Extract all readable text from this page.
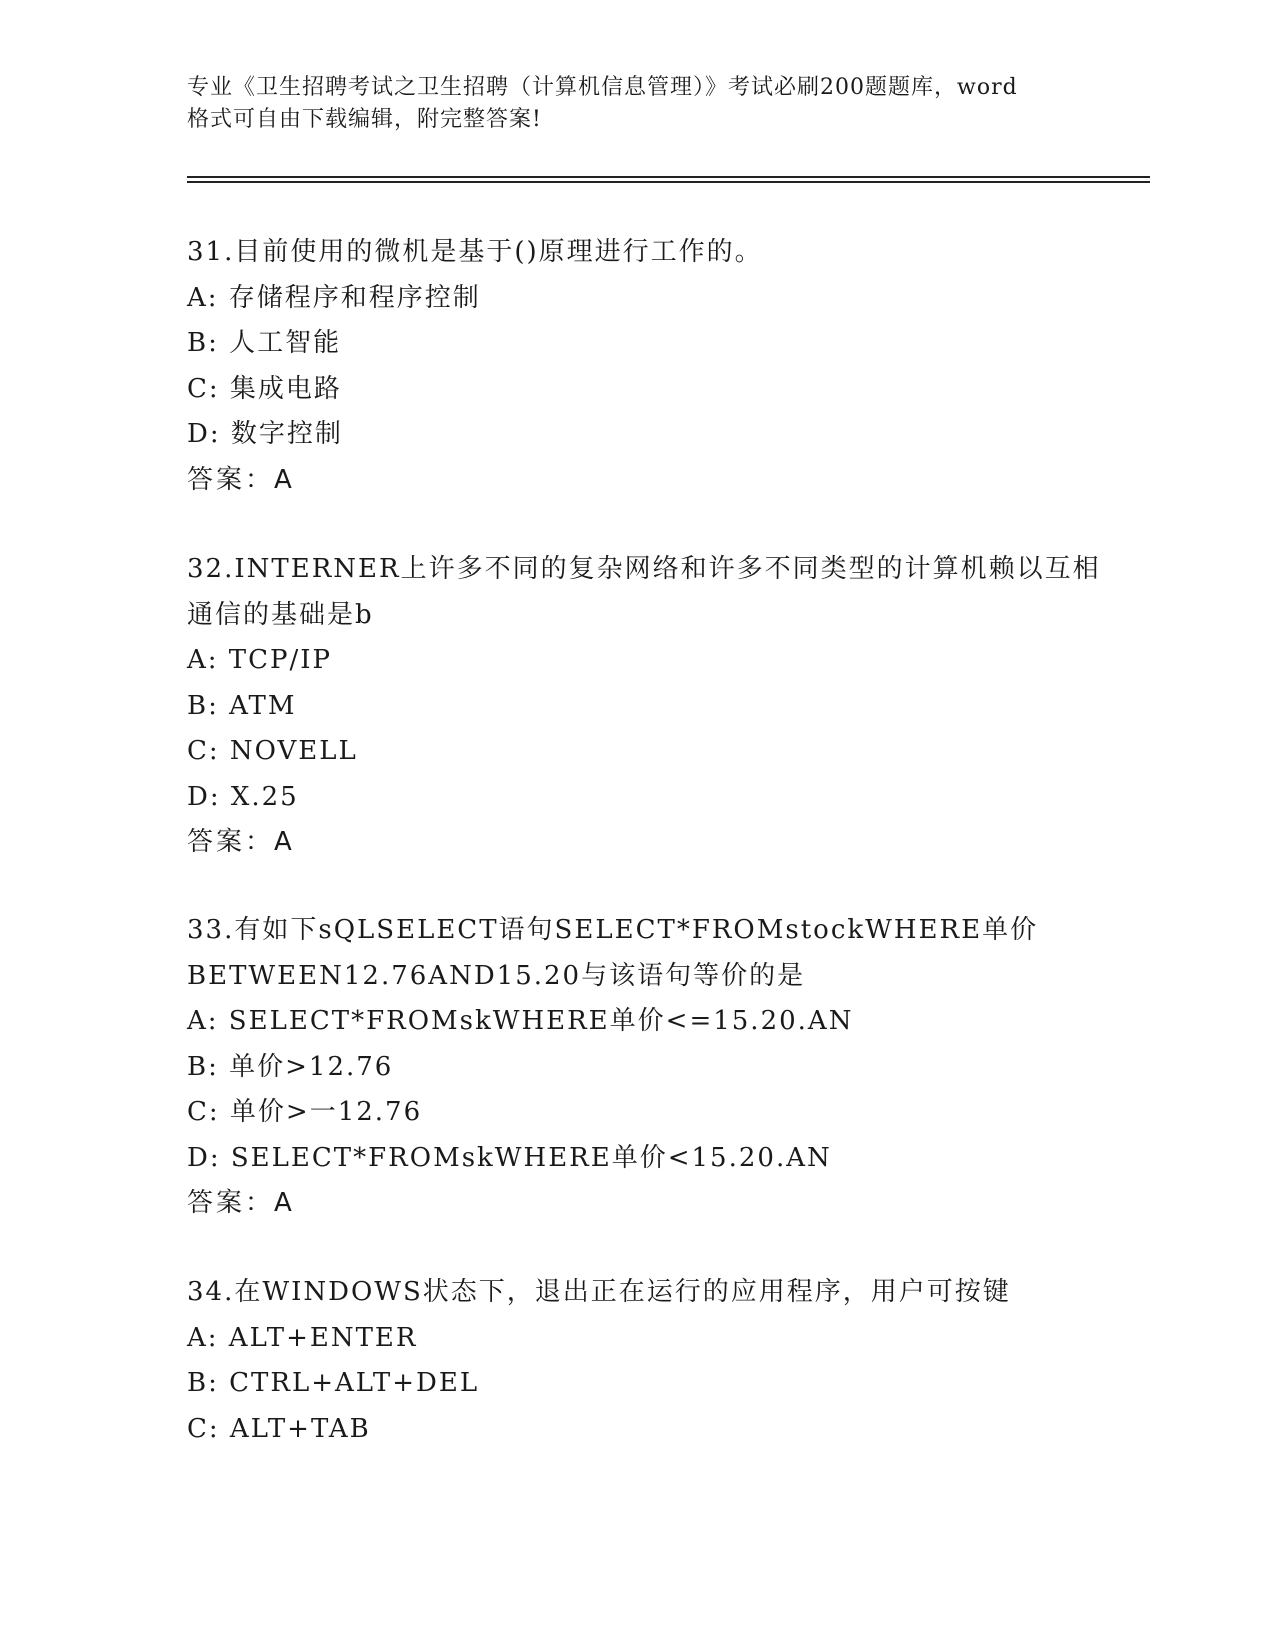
专业《卫生招聘考试之卫生招聘（计算机信息管理）》考试必刷200题题库，word
格式可自由下载编辑，附完整答案!
31.目前使用的微机是基于()原理进行工作的。
A: 存储程序和程序控制
B: 人工智能
C: 集成电路
D: 数字控制
答案：A
32.INTERNER上许多不同的复杂网络和许多不同类型的计算机赖以互相
通信的基础是b
A: TCP/IP
B: ATM
C: NOVELL
D: X.25
答案：A
33.有如下sQLSELECT语句SELECT*FROMstockWHERE单价
BETWEEN12.76AND15.20与该语句等价的是
A: SELECT*FROMskWHERE单价<=15.20.AN
B: 单价>12.76
C: 单价>一12.76
D: SELECT*FROMskWHERE单价<15.20.AN
答案：A
34.在WINDOWS状态下，退出正在运行的应用程序，用户可按键
A: ALT+ENTER
B: CTRL+ALT+DEL
C: ALT+TAB
